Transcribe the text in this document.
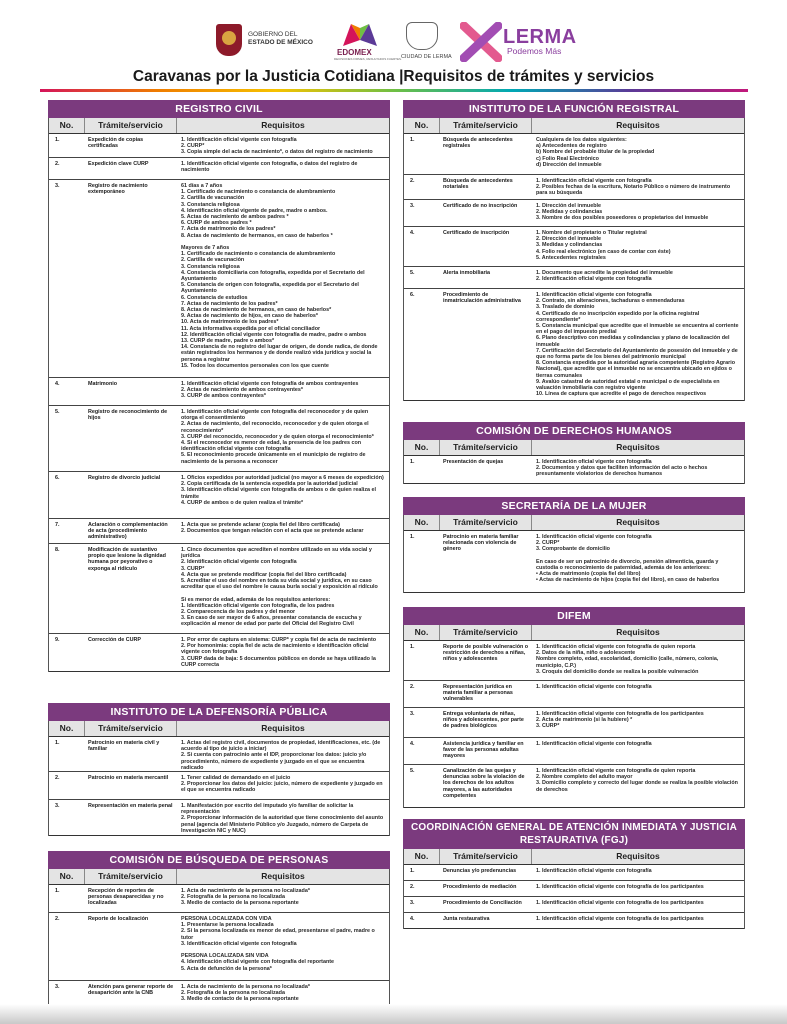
GOBIERNO DEL

ESTADO DE MÉXICO
EDOMEX
DECISIONES FIRMES, RESULTADOS FUERTES. CIUDAD DE LERMA
LERMA
Podemos Más
Caravanas por la Justicia Cotidiana |Requisitos de trámites y servicios
REGISTRO CIVIL
No.	Trámite/servicio	Requisitos
1.	Expedición de copias certificadas
1. Identificación oficial vigente con fotografía
2. CURP*
3. Copia simple del acta de nacimiento*, o datos del registro de nacimiento
2.	Expedición clave CURP	1. Identificación oficial vigente con fotografía, o datos del registro de nacimiento
3.	Registro de nacimiento extemporáneo
61 días a 7 años
1. Certificado de nacimiento o constancia de alumbramiento
2. Cartilla de vacunación
3. Constancia religiosa
4. Identificación oficial vigente de padre, madre o ambos.
5. Actas de nacimiento de ambos padres *
6. CURP de ambos padres *
7. Acta de matrimonio de los padres*
8. Actas de nacimiento de hermanos, en caso de haberlos *

Mayores de 7 años
1. Certificado de nacimiento o constancia de alumbramiento
2. Cartilla de vacunación
3. Constancia religiosa
4. Constancia domiciliaria con fotografía, expedida por el Secretario del Ayuntamiento
5. Constancia de origen con fotografía, expedida por el Secretario del Ayuntamiento
6. Constancia de estudios
7. Actas de nacimiento de los padres*
8. Actas de nacimiento de hermanos, en caso de haberlos*
9. Actas de nacimiento de hijos, en caso de haberlos*
10. Acta de matrimonio de los padres*
11. Acta informativa expedida por el oficial conciliador
12. Identificación oficial vigente con fotografía de madre, padre o ambos
13. CURP de madre, padre o ambos*
14. Constancia de no registro del lugar de origen, de donde radica, de donde están registrados los hermanos y de donde realizó vida jurídica y social la persona a registrar
15. Todos los documentos personales con los que cuente
4.	Matrimonio	1. Identificación oficial vigente con fotografía de ambos contrayentes
2. Actas de nacimiento de ambos contrayentes*
3. CURP de ambos contrayentes*
5.	Registro de reconocimiento de hijos
1. Identificación oficial vigente con fotografía del reconocedor y de quien otorga el consentimiento
2. Actas de nacimiento, del reconocido, reconocedor y de quien otorga el reconocimiento*
3. CURP del reconocido, reconocedor y de quien otorga el reconocimiento*
4. Si el reconocedor es menor de edad, la presencia de los padres con identificación oficial vigente con fotografía
5. El reconocimiento procede únicamente en el municipio de registro de nacimiento de la persona a reconocer
6.	Registro de divorcio judicial	1. Oficios expedidos por autoridad judicial (no mayor a 6 meses de expedición)
2. Copia certificada de la sentencia expedida por la autoridad judicial
3. Identificación oficial vigente con fotografía de ambos o de quien realiza el trámite
4. CURP de ambos o de quien realiza el trámite*
7.	Aclaración o complementación de acta (procedimiento administrativo)
1. Acta que se pretende aclarar (copia fiel del libro certificada)
2. Documentos que tengan relación con el acta que se pretende aclarar
8.	Modificación de sustantivo propio que lesione la dignidad humana por peyorativo o exponga al ridículo
1. Cinco documentos que acrediten el nombre utilizado en su vida social y jurídica
2. Identificación oficial vigente con fotografía
3. CURP*
4. Acta que se pretende modificar (copia fiel del libro certificada)
5. Acreditar el uso del nombre en toda su vida social y jurídica, en su caso acreditar que el uso del nombre le causa burla social y exposición al ridículo

Si es menor de edad, además de los requisitos anteriores:
1. Identificación oficial vigente con fotografía, de los padres
2. Comparecencia de los padres y del menor
3. En caso de ser mayor de 6 años, presentar constancia de escucha y explicación al menor de edad por parte del Oficial del Registro Civil
9.	Corrección de CURP	1. Por error de captura en sistema: CURP* y copia fiel de acta de nacimiento
2. Por homonimia: copia fiel de acta de nacimiento e identificación oficial vigente con fotografía
3. CURP dada de baja: 5 documentos públicos en donde se haya utilizado la CURP correcta
INSTITUTO DE LA DEFENSORÍA PÚBLICA
No.	Trámite/servicio	Requisitos
1.	Patrocinio en materia civil y familiar
1. Actas del registro civil, documentos de propiedad, identificaciones, etc. (de acuerdo al tipo de juicio a iniciar)
2. Si cuenta con patrocinio ante el IDP, proporcionar los datos: juicio y/o procedimiento, número de expediente y juzgado en el que se encuentra radicado
2.	Patrocinio en materia mercantil	1. Tener calidad de demandado en el juicio
2. Proporcionar los datos del juicio: juicio, número de expediente y juzgado en el que se encuentra radicado
3.	Representación en materia penal	1. Manifestación por escrito del imputado y/o familiar de solicitar la representación
2. Proporcionar información de la autoridad que tiene conocimiento del asunto penal (agencia del Ministerio Público y/o Juzgado, número de Carpeta de Investigación NIC y NUC)
COMISIÓN DE BÚSQUEDA DE PERSONAS
No.	Trámite/servicio	Requisitos
1.	Recepción de reportes de personas desaparecidas y no localizadas
1. Acta de nacimiento de la persona no localizada*
2. Fotografía de la persona no localizada
3. Medio de contacto de la persona reportante
2.	Reporte de localización	PERSONA LOCALIZADA CON VIDA
1. Presentarse la persona localizada
2. Si la persona localizada es menor de edad, presentarse el padre, madre o tutor
3. Identificación oficial vigente con fotografía

PERSONA LOCALIZADA SIN VIDA
4. Identificación oficial vigente con fotografía del reportante
5. Acta de defunción de la persona*
3.	Atención para generar reporte de desaparición ante la CNB
1. Acta de nacimiento de la persona no localizada*
2. Fotografía de la persona no localizada
3. Medio de contacto de la persona reportante
INSTITUTO DE LA FUNCIÓN REGISTRAL
No.	Trámite/servicio	Requisitos
1.	Búsqueda de antecedentes registrales
Cualquiera de los datos siguientes:
a) Antecedentes de registro
b) Nombre del probable titular de la propiedad
c) Folio Real Electrónico
d) Dirección del inmueble
2.	Búsqueda de antecedentes notariales
1. Identificación oficial vigente con fotografía
2. Posibles fechas de la escritura, Notario Público o número de instrumento para su búsqueda
3.	Certificado de no inscripción	1. Dirección del inmueble
2. Medidas y colindancias
3. Nombre de dos posibles poseedores o propietarios del inmueble
4.	Certificado de inscripción	1. Nombre del propietario o Titular registral
2. Dirección del inmueble
3. Medidas y colindancias
4. Folio real electrónico (en caso de contar con éste)
5. Antecedentes registrales
5.	Alerta inmobiliaria	1. Documento que acredite la propiedad del inmueble
2. Identificación oficial vigente con fotografía
6.	Procedimiento de inmatriculación administrativa
1. Identificación oficial vigente con fotografía
2. Contrato, sin alteraciones, tachaduras o enmendaduras
3. Traslado de dominio
4. Certificado de no inscripción expedido por la oficina registral correspondiente*
5. Constancia municipal que acredite que el inmueble se encuentra al corriente en el pago del impuesto predial
6. Plano descriptivo con medidas y colindancias y plano de localización del inmueble
7. Certificación del Secretario del Ayuntamiento de posesión del inmueble y de que no forma parte de los bienes del patrimonio municipal
8. Constancia expedida por la autoridad agraria competente (Registro Agrario Nacional), que acredite que el inmueble no se encuentra ubicado en ejidos o tierras comunales
9. Avalúo catastral de autoridad estatal o municipal o de especialista en valuación inmobiliaria con registro vigente
10. Línea de captura que acredite el pago de derechos respectivos
COMISIÓN DE DERECHOS HUMANOS
No.	Trámite/servicio	Requisitos
1.	Presentación de quejas	1. Identificación oficial vigente con fotografía
2. Documentos y datos que faciliten información del acto o hechos presuntamente violatorios de derechos humanos
SECRETARÍA DE LA MUJER
No.	Trámite/servicio	Requisitos
1.	Patrocinio en materia familiar relacionada con violencia de género
1. Identificación oficial vigente con fotografía
2. CURP*
3. Comprobante de domicilio

En caso de ser un patrocinio de divorcio, pensión alimenticia, guarda y custodia o reconocimiento de paternidad, además de los anteriores:
• Acta de matrimonio (copia fiel del libro)
• Actas de nacimiento de hijos (copia fiel del libro), en caso de haberlos
DIFEM
No.	Trámite/servicio	Requisitos
1.	Reporte de posible vulneración o restricción de derechos a niñas, niños y adolescentes
1. Identificación oficial vigente con fotografía de quien reporta
2. Datos de la niña, niño o adolescente
Nombre completo, edad, escolaridad, domicilio (calle, número, colonia, municipio, C.P.)
3. Croquis del domicilio donde se realiza la posible vulneración
2.	Representación jurídica en materia familiar a personas vulnerables
1. Identificación oficial vigente con fotografía
3.	Entrega voluntaria de niñas, niños y adolescentes, por parte de padres biológicos
1. Identificación oficial vigente con fotografía de los participantes
2. Acta de matrimonio (si la hubiere) *
3. CURP*
4.	Asistencia jurídica y familiar en favor de las personas adultas mayores
1. Identificación oficial vigente con fotografía
5.	Canalización de las quejas y denuncias sobre la violación de los derechos de los adultos mayores, a las autoridades competentes
1. Identificación oficial vigente con fotografía de quien reporta
2. Nombre completo del adulto mayor
3. Domicilio completo y correcto del lugar donde se realiza la posible violación de derechos
COORDINACIÓN GENERAL DE ATENCIÓN INMEDIATA Y JUSTICIA RESTAURATIVA (FGJ)
No.	Trámite/servicio	Requisitos
1.	Denuncias y/o predenuncias	1. Identificación oficial vigente con fotografía
2.	Procedimiento de mediación	1. Identificación oficial vigente con fotografía de los participantes
3.	Procedimiento de Conciliación	1. Identificación oficial vigente con fotografía de los participantes
4.	Junta restaurativa	1. Identificación oficial vigente con fotografía de los participantes
